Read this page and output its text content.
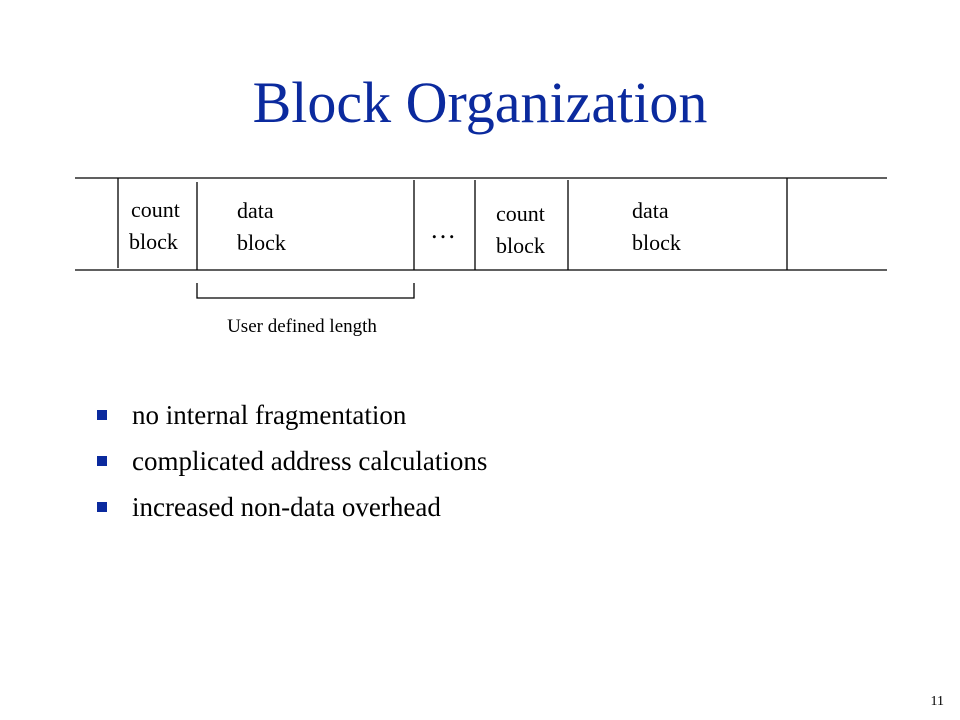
Block Organization
count
block
data
block	…
count
block
data
block
User defined length
no internal fragmentation
complicated address calculations
increased non-data overhead
11
